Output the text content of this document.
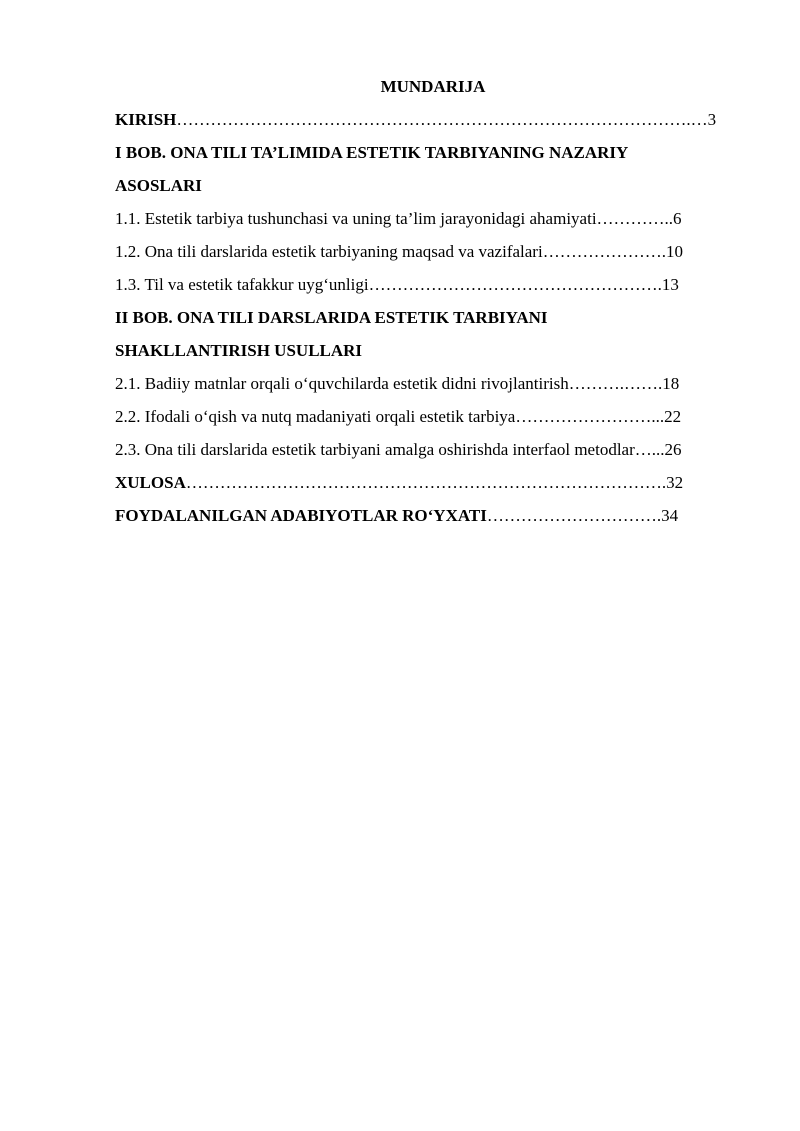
MUNDARIJA
KIRISH……………………………………………………………………………….…3
I BOB. ONA TILI TA’LIMIDA ESTETIK TARBIYANING NAZARIY
ASOSLARI
1.1. Estetik tarbiya tushunchasi va uning ta’lim jarayonidagi ahamiyati…………..6
1.2. Ona tili darslarida estetik tarbiyaning maqsad va vazifalari………………….10
1.3. Til va estetik tafakkur uyg‘unligi…………………………………………….13
II BOB. ONA TILI DARSLARIDA ESTETIK TARBIYANI
SHAKLLANTIRISH USULLARI
2.1. Badiiy matnlar orqali o‘quvchilarda estetik didni rivojlantirish……….…….18
2.2. Ifodali o‘qish va nutq madaniyati orqali estetik tarbiya……………………...22
2.3. Ona tili darslarida estetik tarbiyani amalga oshirishda interfaol metodlar…...26
XULOSA………………………………………………………………………….32
FOYDALANILGAN ADABIYOTLAR RO‘YXATI………………………….34
